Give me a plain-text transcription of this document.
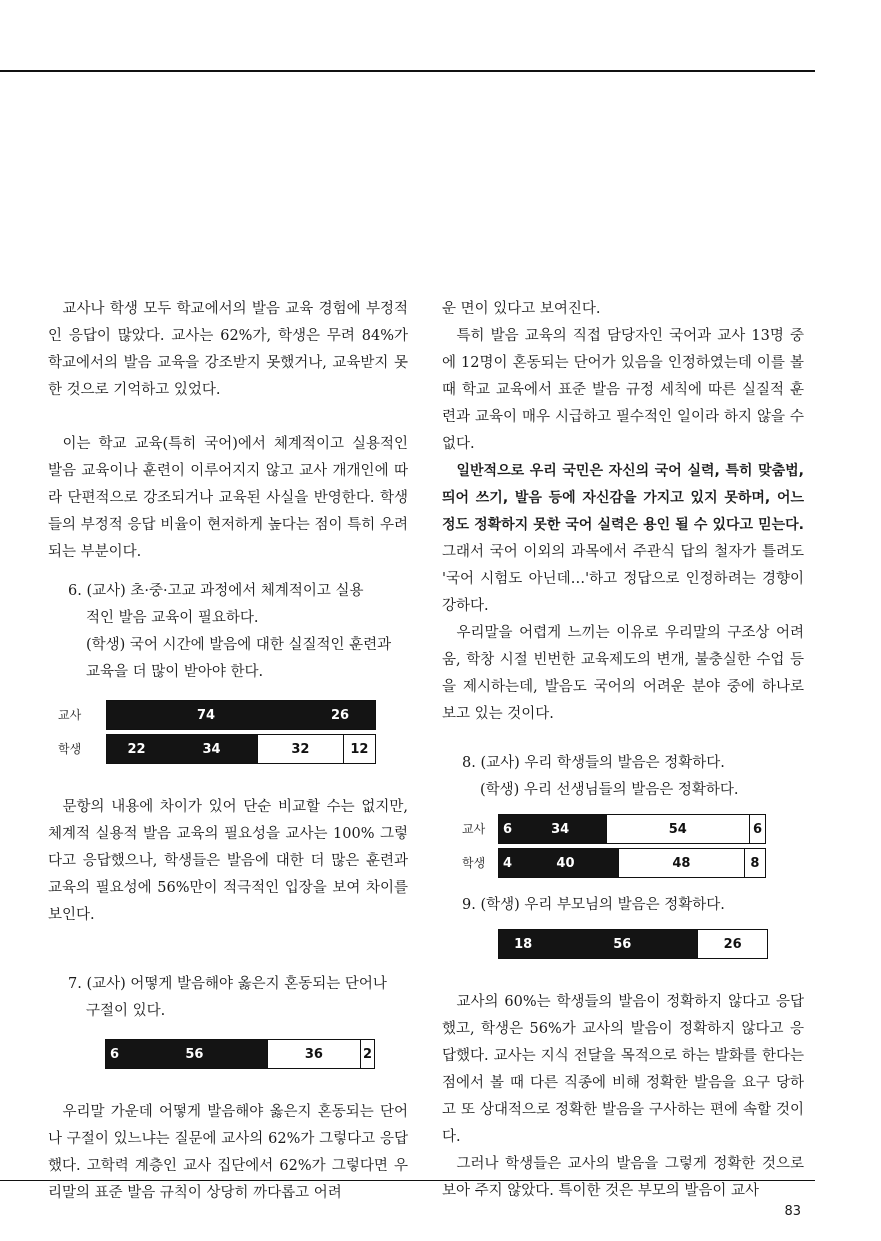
교사나 학생 모두 학교에서의 발음 교육 경험에 부정적인 응답이 많았다. 교사는 62%가, 학생은 무려 84%가 학교에서의 발음 교육을 강조받지 못했거나, 교육받지 못한 것으로 기억하고 있었다.

이는 학교 교육(특히 국어)에서 체계적이고 실용적인 발음 교육이나 훈련이 이루어지지 않고 교사 개개인에 따라 단편적으로 강조되거나 교육된 사실을 반영한다. 학생들의 부정적 응답 비율이 현저하게 높다는 점이 특히 우려되는 부분이다.

6. (교사) 초·중·고교 과정에서 체계적이고 실용
적인 발음 교육이 필요하다.
(학생) 국어 시간에 발음에 대한 실질적인 훈련과
교육을 더 많이 받아야 한다.
교사	74	26
학생	22	34	32	12

문항의 내용에 차이가 있어 단순 비교할 수는 없지만, 체계적 실용적 발음 교육의 필요성을 교사는 100% 그렇다고 응답했으나, 학생들은 발음에 대한 더 많은 훈련과 교육의 필요성에 56%만이 적극적인 입장을 보여 차이를 보인다.

7. (교사) 어떻게 발음해야 옳은지 혼동되는 단어나
구절이 있다.
6	56	36	2

우리말 가운데 어떻게 발음해야 옳은지 혼동되는 단어나 구절이 있느냐는 질문에 교사의 62%가 그렇다고 응답했다. 고학력 계층인 교사 집단에서 62%가 그렇다면 우리말의 표준 발음 규칙이 상당히 까다롭고 어려

운 면이 있다고 보여진다.

특히 발음 교육의 직접 담당자인 국어과 교사 13명 중에 12명이 혼동되는 단어가 있음을 인정하였는데 이를 볼 때 학교 교육에서 표준 발음 규정 세칙에 따른 실질적 훈련과 교육이 매우 시급하고 필수적인 일이라 하지 않을 수 없다.

일반적으로 우리 국민은 자신의 국어 실력, 특히 맞춤법, 띄어 쓰기, 발음 등에 자신감을 가지고 있지 못하며, 어느 정도 정확하지 못한 국어 실력은 용인 될 수 있다고 믿는다. 그래서 국어 이외의 과목에서 주관식 답의 철자가 틀려도 '국어 시험도 아닌데…'하고 정답으로 인정하려는 경향이 강하다.

우리말을 어렵게 느끼는 이유로 우리말의 구조상 어려움, 학창 시절 빈번한 교육제도의 변개, 불충실한 수업 등을 제시하는데, 발음도 국어의 어려운 분야 중에 하나로 보고 있는 것이다.

8. (교사) 우리 학생들의 발음은 정확하다.
(학생) 우리 선생님들의 발음은 정확하다.
교사	6	34	54	6
학생	4	40	48	8
9. (학생) 우리 부모님의 발음은 정확하다.
18	56	26

교사의 60%는 학생들의 발음이 정확하지 않다고 응답했고, 학생은 56%가 교사의 발음이 정확하지 않다고 응답했다. 교사는 지식 전달을 목적으로 하는 발화를 한다는 점에서 볼 때 다른 직종에 비해 정확한 발음을 요구 당하고 또 상대적으로 정확한 발음을 구사하는 편에 속할 것이다.

그러나 학생들은 교사의 발음을 그렇게 정확한 것으로 보아 주지 않았다. 특이한 것은 부모의 발음이 교사

83
